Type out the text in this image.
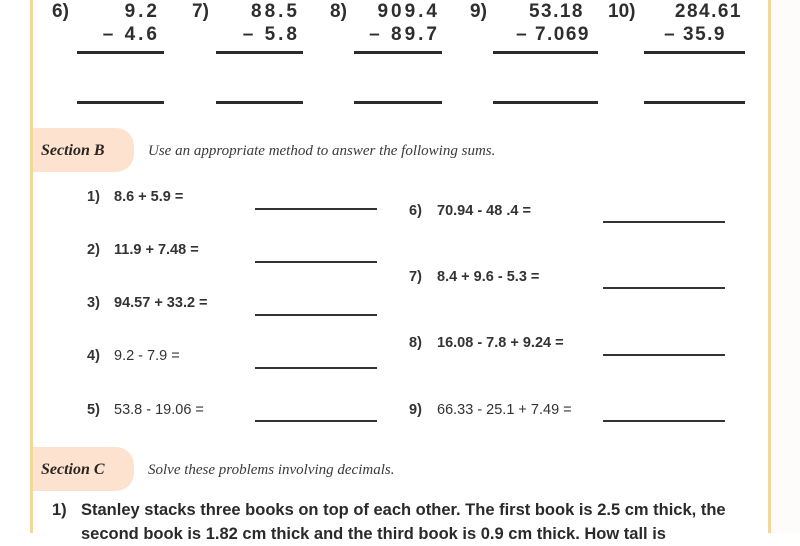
6)	9.2
– 4.6
7)	88.5
– 5.8
8)	909.4
– 89.7
9)	53.18
– 7.069
10)	284.61
– 35.9
Section B	Use an appropriate method to answer the following sums.
1) 8.6 + 5.9 =
2) 11.9 + 7.48 =
3) 94.57 + 33.2 =
4) 9.2 - 7.9 =
5) 53.8 - 19.06 =
6) 70.94 - 48 .4 =
7) 8.4 + 9.6 - 5.3 =
8) 16.08 - 7.8 + 9.24 =
9) 66.33 - 25.1 + 7.49 =
Section C	Solve these problems involving decimals.
1) Stanley stacks three books on top of each other. The first book is 2.5 cm thick, the second book is 1.82 cm thick and the third book is 0.9 cm thick. How tall is
